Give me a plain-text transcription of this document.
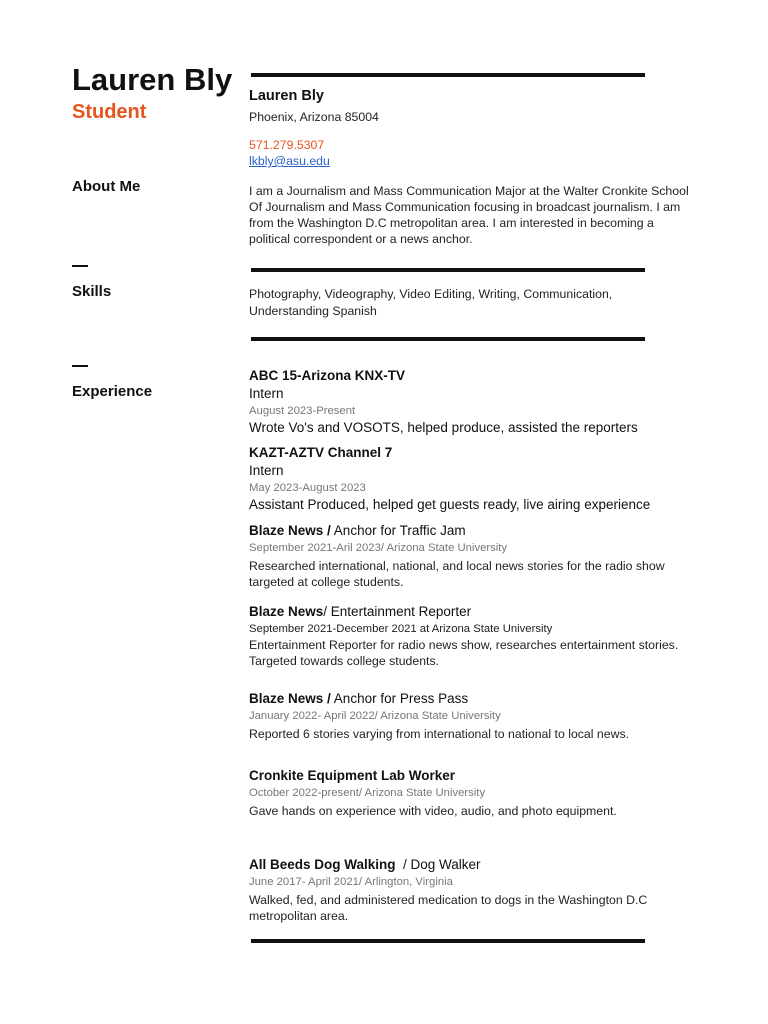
Lauren Bly
Student
About Me
Skills
Experience
Lauren Bly
Phoenix, Arizona 85004
571.279.5307
lkbly@asu.edu
I am a Journalism and Mass Communication Major at the Walter Cronkite School Of Journalism and Mass Communication focusing in broadcast journalism. I am from the Washington D.C metropolitan area. I am interested in becoming a political correspondent or a news anchor.
Photography, Videography, Video Editing, Writing, Communication, Understanding Spanish
ABC 15-Arizona KNX-TV
Intern
August 2023-Present
Wrote Vo's and VOSOTS, helped produce, assisted the reporters
KAZT-AZTV Channel 7
Intern
May 2023-August 2023
Assistant Produced, helped get guests ready, live airing experience
Blaze News / Anchor for Traffic Jam
September 2021-Aril 2023/ Arizona State University
Researched international, national, and local news stories for the radio show targeted at college students.
Blaze News/ Entertainment Reporter
September 2021-December 2021 at Arizona State University
Entertainment Reporter for radio news show, researches entertainment stories. Targeted towards college students.
Blaze News / Anchor for Press Pass
January 2022- April 2022/ Arizona State University
Reported 6 stories varying from international to national to local news.
Cronkite Equipment Lab Worker
October 2022-present/ Arizona State University
Gave hands on experience with video, audio, and photo equipment.
All Beeds Dog Walking  / Dog Walker
June 2017- April 2021/ Arlington, Virginia
Walked, fed, and administered medication to dogs in the Washington D.C metropolitan area.
